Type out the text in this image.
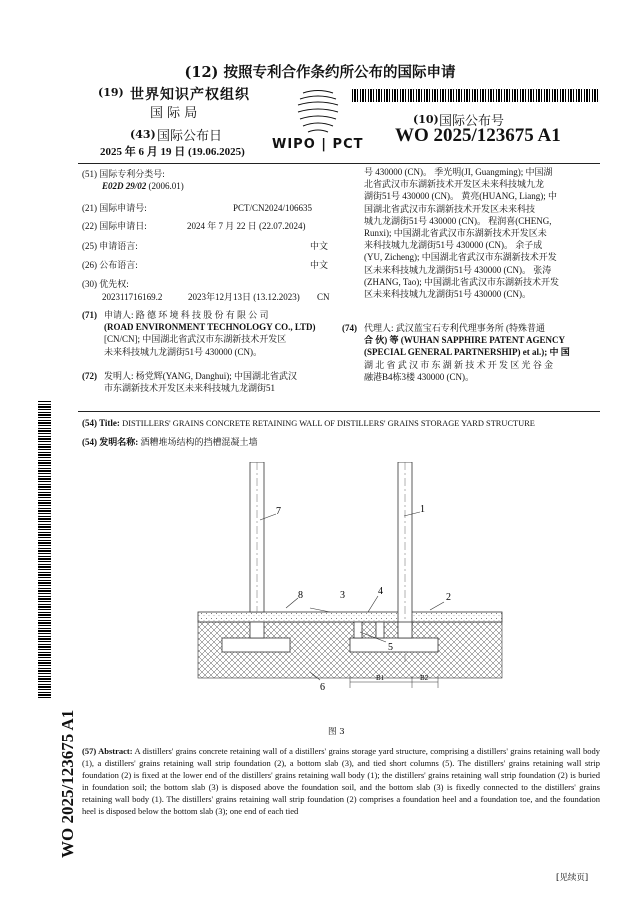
(12) 按照专利合作条约所公布的国际申请
(19) 世界知识产权组织
国 际 局
(43) 国际公布日
2025 年 6 月 19 日 (19.06.2025) WIPO | PCT
(10) 国际公布号
WO 2025/123675 A1
(51) 国际专利分类号:
E02D 29/02 (2006.01)
(21) 国际申请号:	PCT/CN2024/106635
(22) 国际申请日:	2024 年 7 月 22 日 (22.07.2024)
(25) 申请语言:	中文
(26) 公布语言:	中文
(30) 优先权:
202311716169.2	2023年12月13日 (13.12.2023) CN
(71) 申请人: 路 德 环 境 科 技 股 份 有 限 公 司
(ROAD ENVIRONMENT TECHNOLOGY CO., LTD)
[CN/CN]; 中国湖北省武汉市东湖新技术开发区
未来科技城九龙湖街51号 430000 (CN)。
(72) 发明人: 杨党辉(YANG, Danghui); 中国湖北省武汉
市东湖新技术开发区未来科技城九龙湖街51
号 430000 (CN)。 季光明(JI, Guangming); 中国湖
北省武汉市东湖新技术开发区未来科技城九龙
湖街51号 430000 (CN)。 黄亮(HUANG, Liang); 中
国湖北省武汉市东湖新技术开发区未来科技
城九龙湖街51号 430000 (CN)。 程润喜(CHENG,
Runxi); 中国湖北省武汉市东湖新技术开发区未
来科技城九龙湖街51号 430000 (CN)。 余子成
(YU, Zicheng); 中国湖北省武汉市东湖新技术开发
区未来科技城九龙湖街51号 430000 (CN)。 张涛
(ZHANG, Tao); 中国湖北省武汉市东湖新技术开发
区未来科技城九龙湖街51号 430000 (CN)。
(74) 代理人: 武汉蓝宝石专利代理事务所 (特殊普通
合 伙) 等 (WUHAN SAPPHIRE PATENT AGENCY
(SPECIAL GENERAL PARTNERSHIP) et al.); 中 国
湖 北 省 武 汉 市 东 湖 新 技 术 开 发 区 光 谷 金
融港B4栋3楼 430000 (CN)。
(54) Title: DISTILLERS' GRAINS CONCRETE RETAINING WALL OF DISTILLERS' GRAINS STORAGE YARD STRUCTURE
(54) 发明名称: 酒糟堆场结构的挡槽混凝土墙
7	1
8	3	4
2
5
6
B1	B2
图 3
(57) Abstract: A distillers' grains concrete retaining wall of a distillers' grains storage yard structure, comprising a distillers' grains retaining wall body (1), a distillers' grains retaining wall strip foundation (2), a bottom slab (3), and tied short columns (5). The distillers' grains retaining wall strip foundation (2) is fixed at the lower end of the distillers' grains retaining wall body (1); the distillers' grains retaining wall strip foundation (2) is buried in foundation soil; the bottom slab (3) is disposed above the foundation soil, and the bottom slab (3) is fixedly connected to the distillers' grains retaining wall body (1). The distillers' grains retaining wall strip foundation (2) comprises a foundation heel and a foundation toe, and the foundation heel is disposed below the bottom slab (3); one end of each tied
WO 2025/123675 A1
[见续页]
